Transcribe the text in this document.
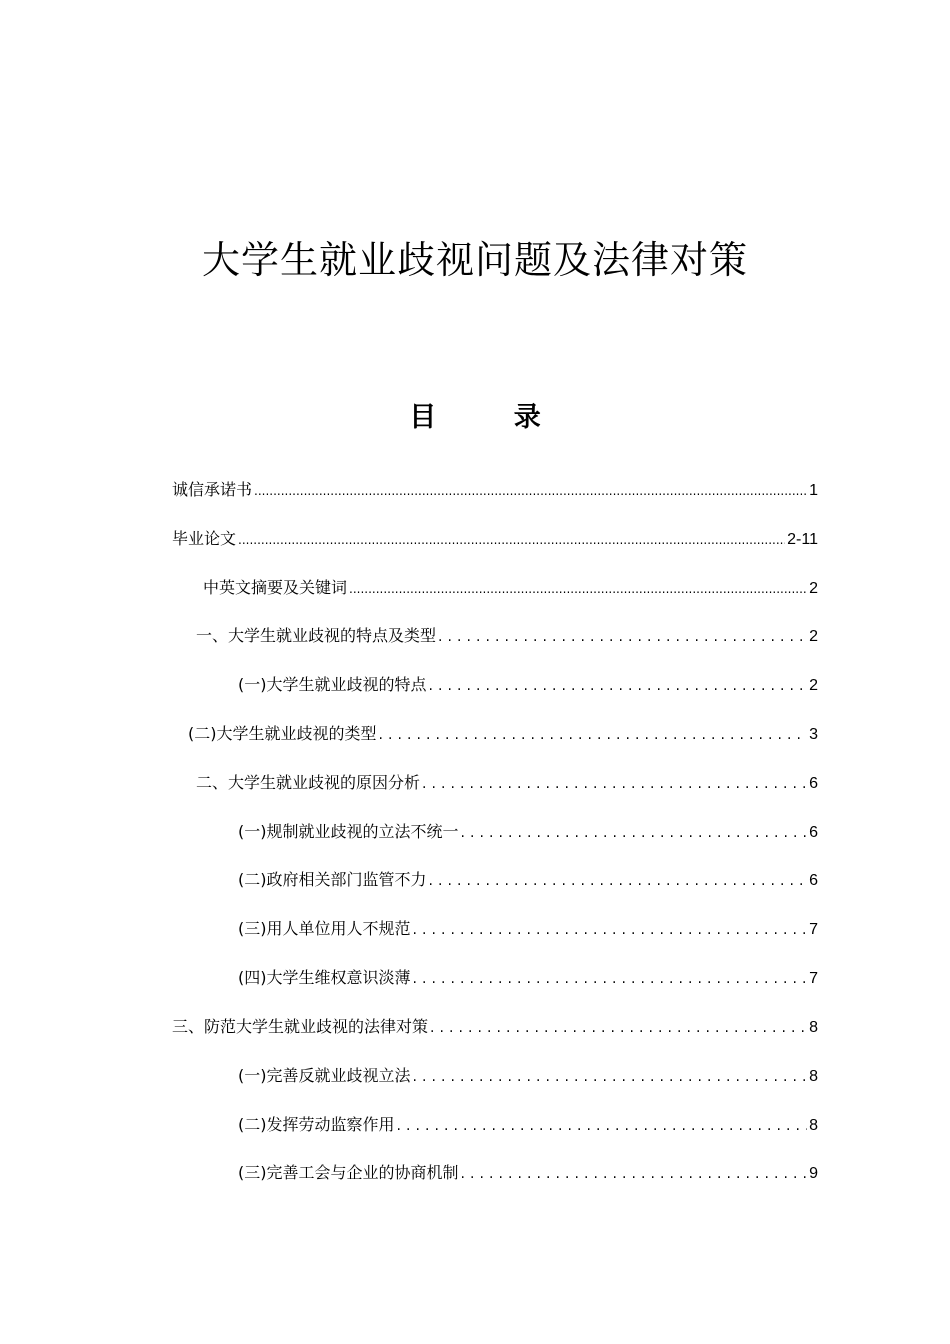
大学生就业歧视问题及法律对策
目 录
诚信承诺书 .....	1
毕业论文 .....	2-11
中英文摘要及关键词 .....	2
一、大学生就业歧视的特点及类型 . . .	2
(一)大学生就业歧视的特点 . . .	2
(二)大学生就业歧视的类型 . . .	3
二、大学生就业歧视的原因分析 . . .	6
(一)规制就业歧视的立法不统一 . . .	6
(二)政府相关部门监管不力 . . .	6
(三)用人单位用人不规范 . . .	7
(四)大学生维权意识淡薄 . . .	7
三、防范大学生就业歧视的法律对策 . . .	8
(一)完善反就业歧视立法 . . .	8
(二)发挥劳动监察作用 . . .	8
(三)完善工会与企业的协商机制 . . .	9
